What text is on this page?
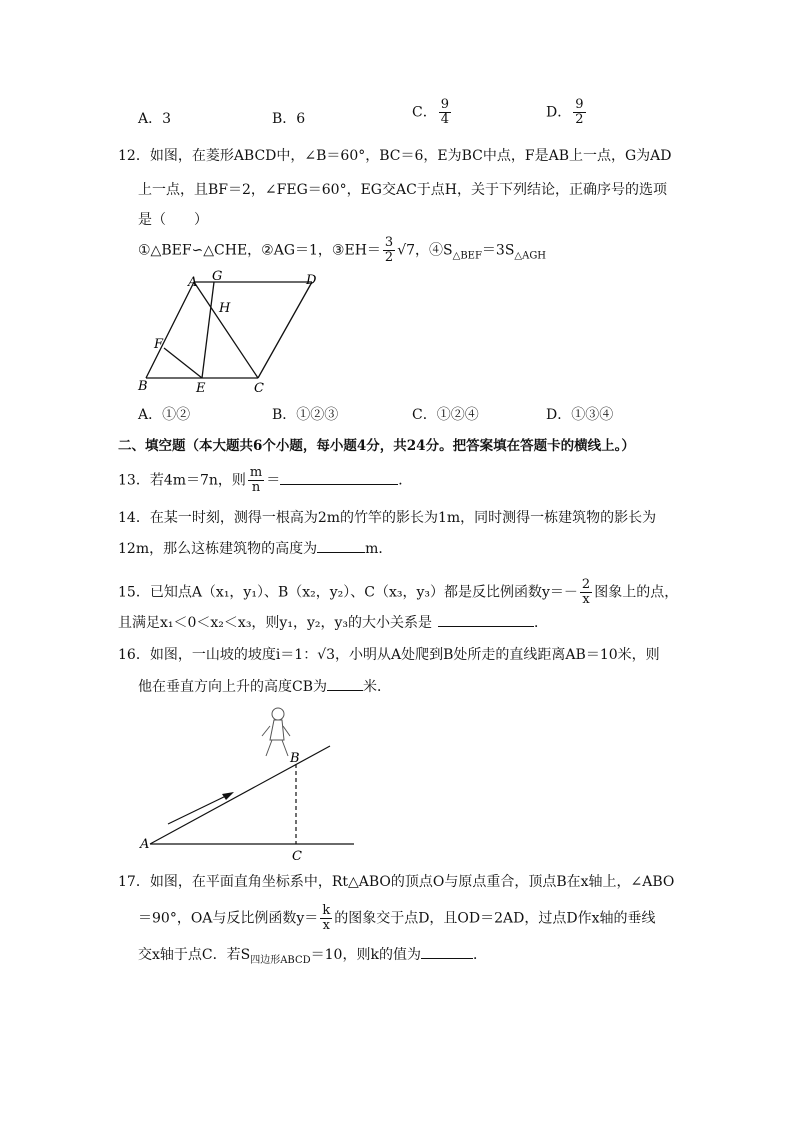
A．3	B．6	C． $\frac{9}{4}$	D． $\frac{9}{2}$
12．如图，在菱形ABCD中，∠B＝60°，BC＝6，E为BC中点，F是AB上一点，G为AD
上一点，且BF＝2，∠FEG＝60°，EG交AC于点H，关于下列结论，正确序号的选项
是（　　）
①△BEF∽△CHE，②AG＝1，③EH＝ $\frac{3}{2} √7$，$④S_{\triangle BEF}=3S_{\triangle AGH}$
A G	D
H
F
B	E	C
A．①②	B．①②③	C．①②④	D．①③④
二、填空题（本大题共6个小题，每小题4分，共24分。把答案填在答题卡的横线上。）
13．若4m＝7n，则 $\frac{m}{n}$ ＝	．
14．在某一时刻，测得一根高为2m的竹竿的影长为1m，同时测得一栋建筑物的影长为
12m，那么这栋建筑物的高度为	m．
15．已知点A（x₁，y₁）、B（x₂，y₂）、C（x₃，y₃）都是反比例函数$y=- \frac{2}{x}$ 图象上的点，
且满足x₁＜0＜x₂＜x₃，则y₁，y₂，y₃的大小关系是	．
16．如图，一山坡的坡度i＝1：√3，小明从A处爬到B处所走的直线距离AB＝10米，则
他在垂直方向上升的高度CB为	米．
B
A
C
17．如图，在平面直角坐标系中，Rt△ABO的顶点O与原点重合，顶点B在x轴上，∠ABO
＝90°，OA与反比例函数$y= \frac{k}{x}$ 的图象交于点D，且OD＝2AD，过点D作x轴的垂线
交x轴于点C．若$S_{四边形ABCD}=10$，则k的值为	．
